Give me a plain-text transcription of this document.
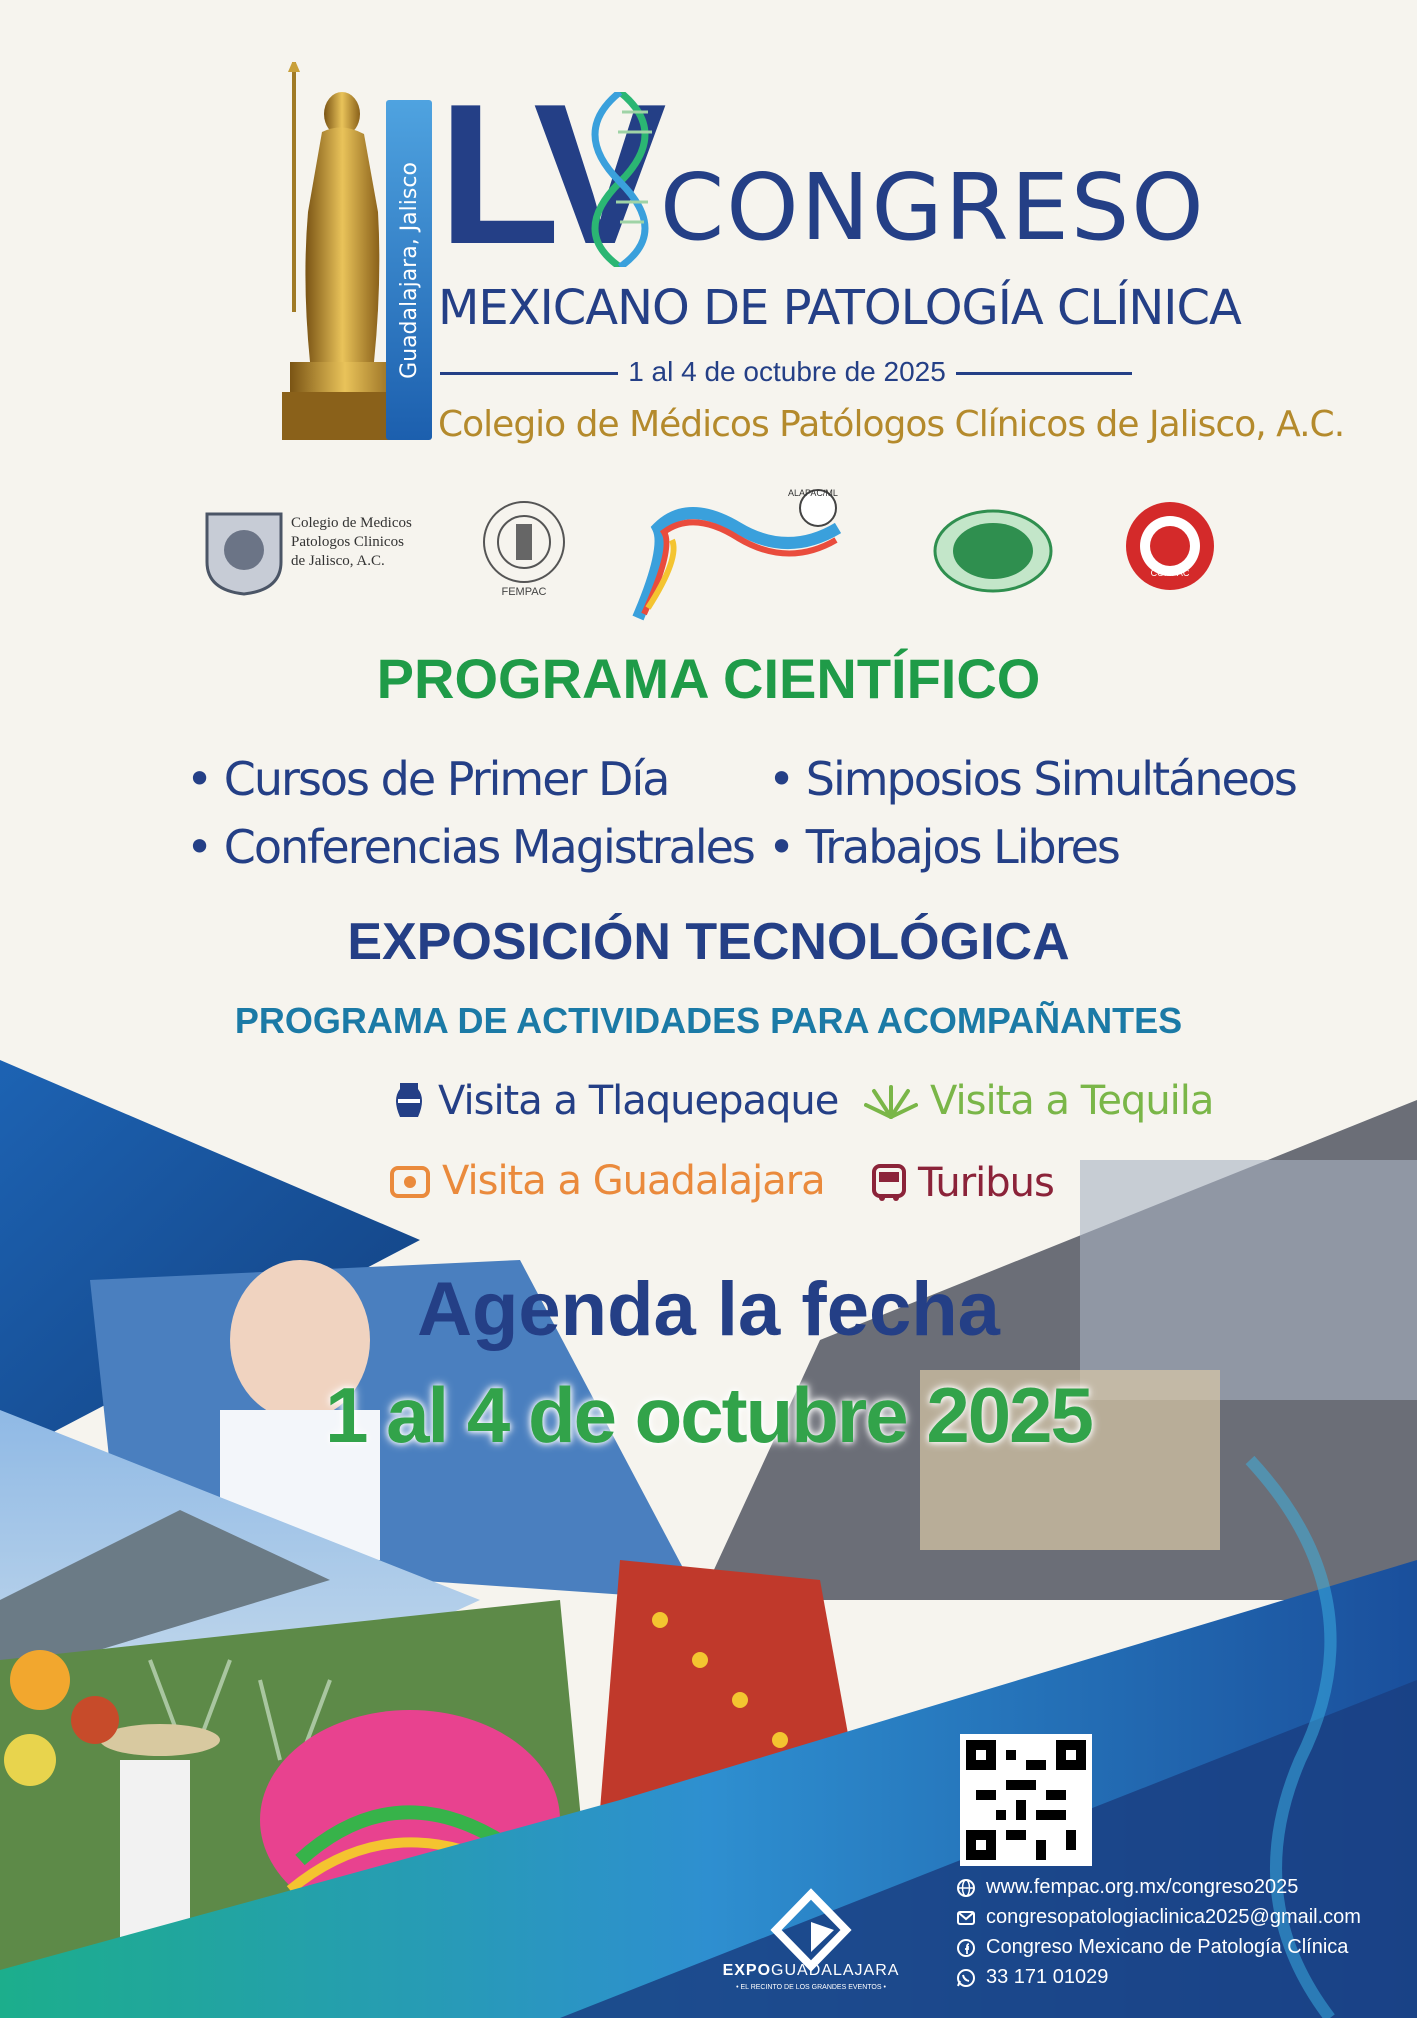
Guadalajara, Jalisco LV CONGRESO
MEXICANO DE PATOLOGÍA CLÍNICA
1 al 4 de octubre de 2025
Colegio de Médicos Patólogos Clínicos de Jalisco, A.C.
Colegio de Medicos
Patologos Clinicos
de Jalisco, A.C.
FEMPAC
ALAPAC/ML
COMPAC
PROGRAMA CIENTÍFICO
• Cursos de Primer Día
• Conferencias Magistrales
• Simposios Simultáneos
• Trabajos Libres
EXPOSICIÓN TECNOLÓGICA
PROGRAMA DE ACTIVIDADES PARA ACOMPAÑANTES
Visita a Tlaquepaque Visita a Tequila
Visita a Guadalajara Turibus
Agenda la fecha
1 al 4 de octubre 2025
www.fempac.org.mx/congreso2025
congresopatologiaclinica2025@gmail.com
Congreso Mexicano de Patología Clínica
33 171 01029
EXPOGUADALAJARA
• EL RECINTO DE LOS GRANDES EVENTOS •
